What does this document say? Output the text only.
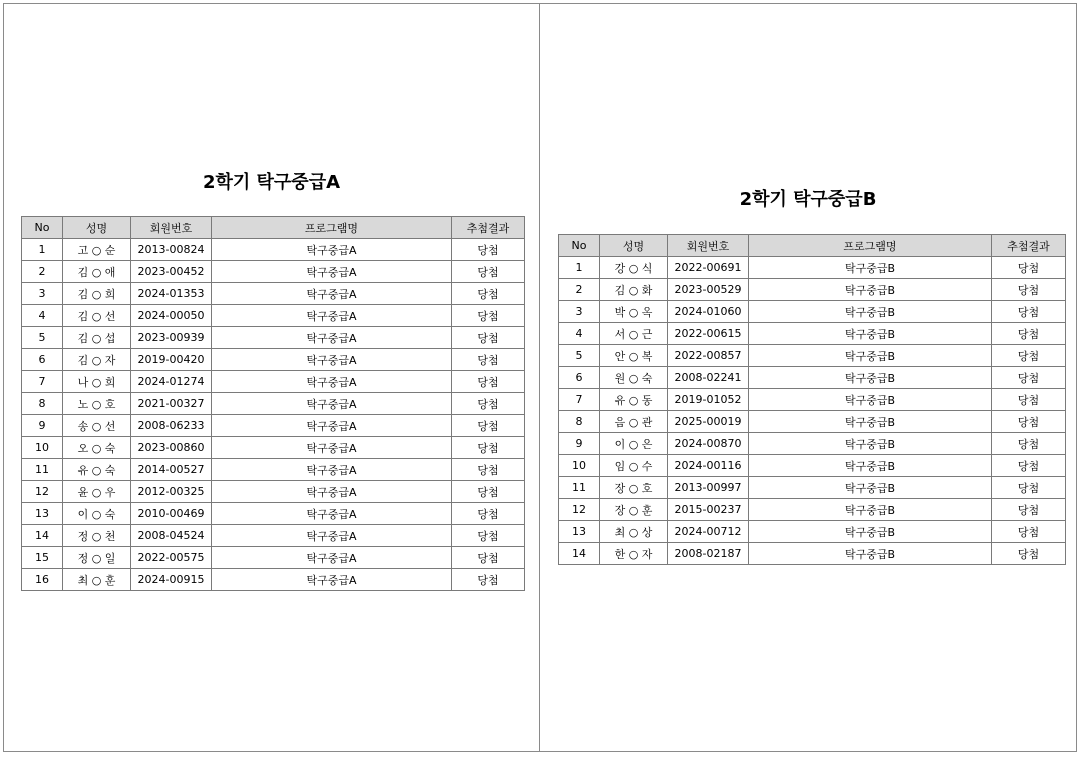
2학기 탁구중급A
No	성명	회원번호	프로그램명	추첨결과
1	고 ○ 순	2013-00824	탁구중급A	당첨
2	김 ○ 애	2023-00452	탁구중급A	당첨
3	김 ○ 희	2024-01353	탁구중급A	당첨
4	김 ○ 선	2024-00050	탁구중급A	당첨
5	김 ○ 섭	2023-00939	탁구중급A	당첨
6	김 ○ 자	2019-00420	탁구중급A	당첨
7	나 ○ 희	2024-01274	탁구중급A	당첨
8	노 ○ 호	2021-00327	탁구중급A	당첨
9	송 ○ 선	2008-06233	탁구중급A	당첨
10	오 ○ 숙	2023-00860	탁구중급A	당첨
11	유 ○ 숙	2014-00527	탁구중급A	당첨
12	윤 ○ 우	2012-00325	탁구중급A	당첨
13	이 ○ 숙	2010-00469	탁구중급A	당첨
14	정 ○ 천	2008-04524	탁구중급A	당첨
15	정 ○ 일	2022-00575	탁구중급A	당첨
16	최 ○ 훈	2024-00915	탁구중급A	당첨
2학기 탁구중급B
No	성명	회원번호	프로그램명	추첨결과
1	강 ○ 식	2022-00691	탁구중급B	당첨
2	김 ○ 화	2023-00529	탁구중급B	당첨
3	박 ○ 옥	2024-01060	탁구중급B	당첨
4	서 ○ 근	2022-00615	탁구중급B	당첨
5	안 ○ 복	2022-00857	탁구중급B	당첨
6	원 ○ 숙	2008-02241	탁구중급B	당첨
7	유 ○ 동	2019-01052	탁구중급B	당첨
8	음 ○ 관	2025-00019	탁구중급B	당첨
9	이 ○ 은	2024-00870	탁구중급B	당첨
10	임 ○ 수	2024-00116	탁구중급B	당첨
11	장 ○ 호	2013-00997	탁구중급B	당첨
12	장 ○ 훈	2015-00237	탁구중급B	당첨
13	최 ○ 상	2024-00712	탁구중급B	당첨
14	한 ○ 자	2008-02187	탁구중급B	당첨
